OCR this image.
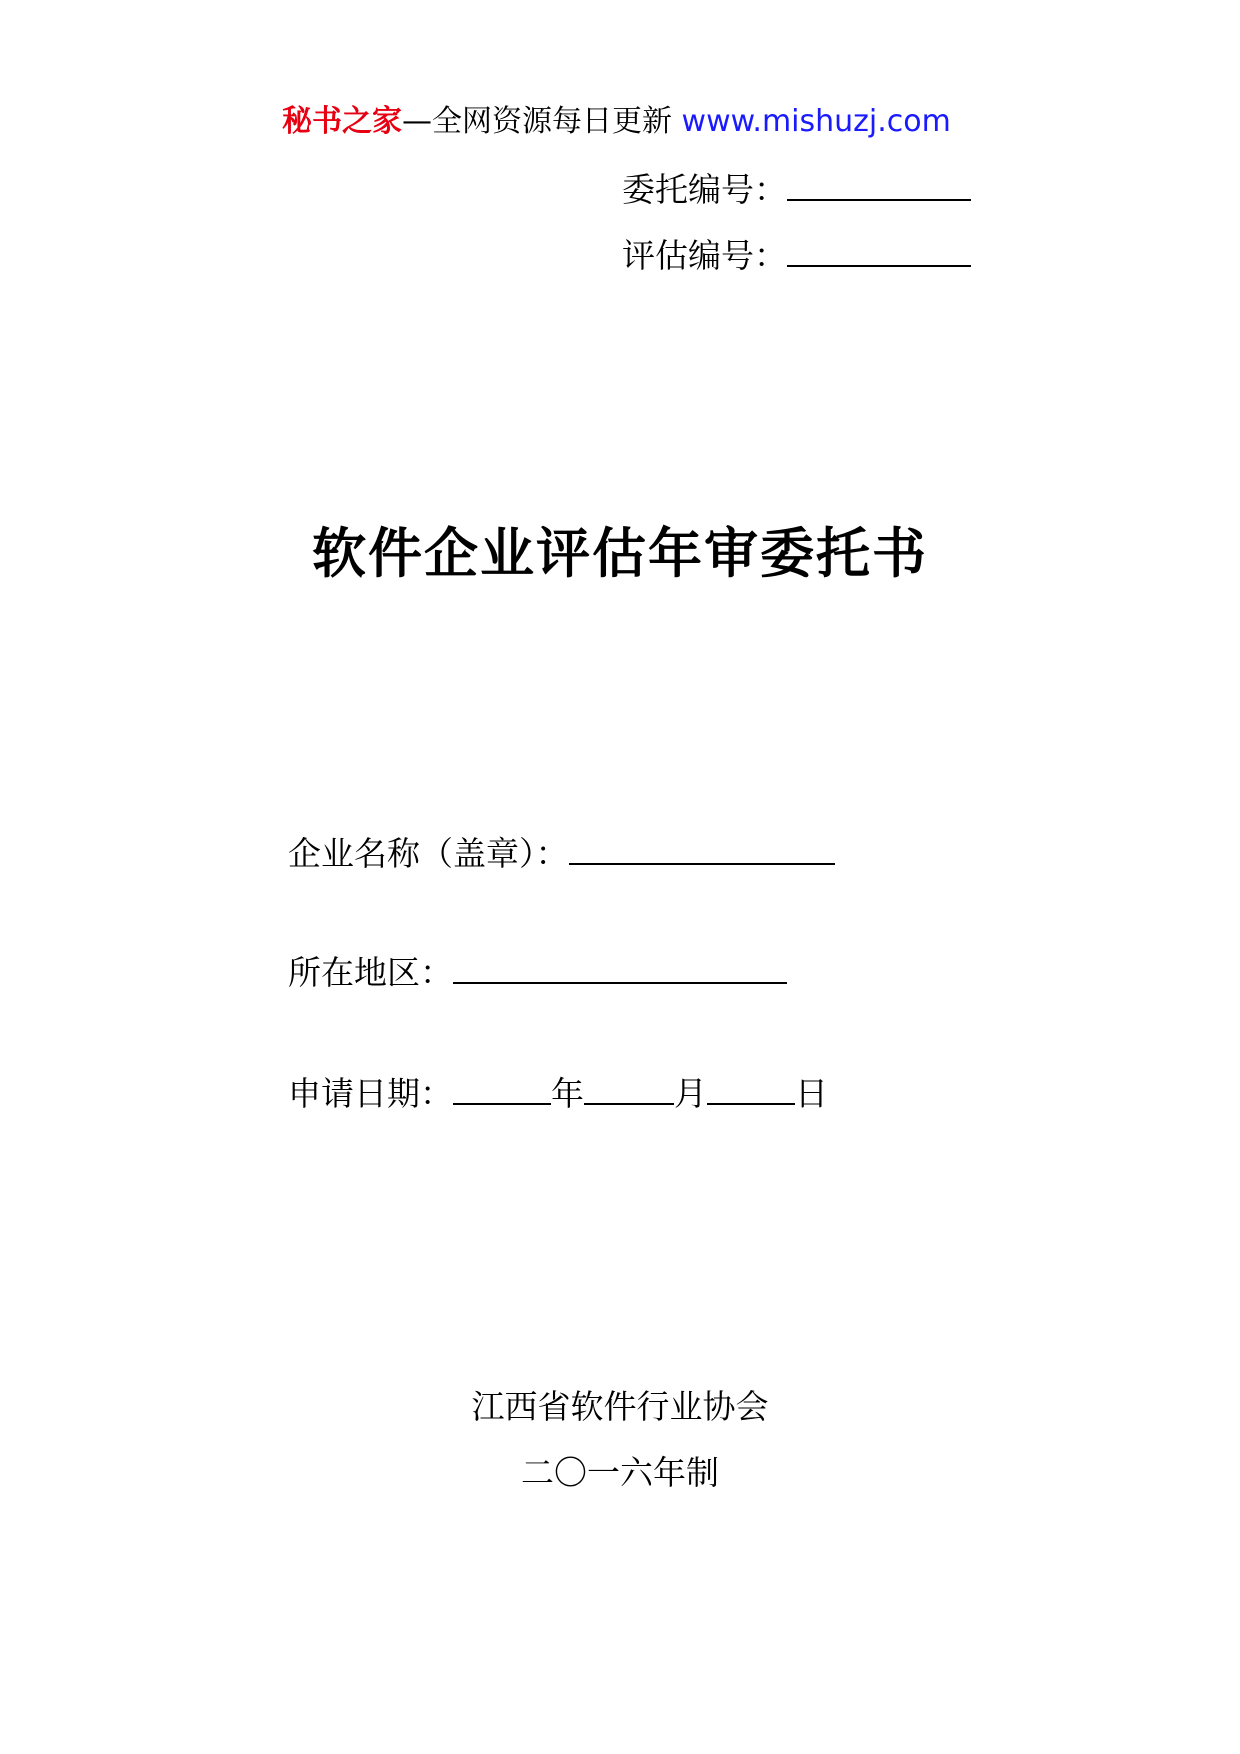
秘书之家—全网资源每日更新 www.mishuzj.com
委托编号：
评估编号：
软件企业评估年审委托书
企业名称（盖章）：
所在地区：
申请日期：	年	月	日
江西省软件行业协会
二〇一六年制
